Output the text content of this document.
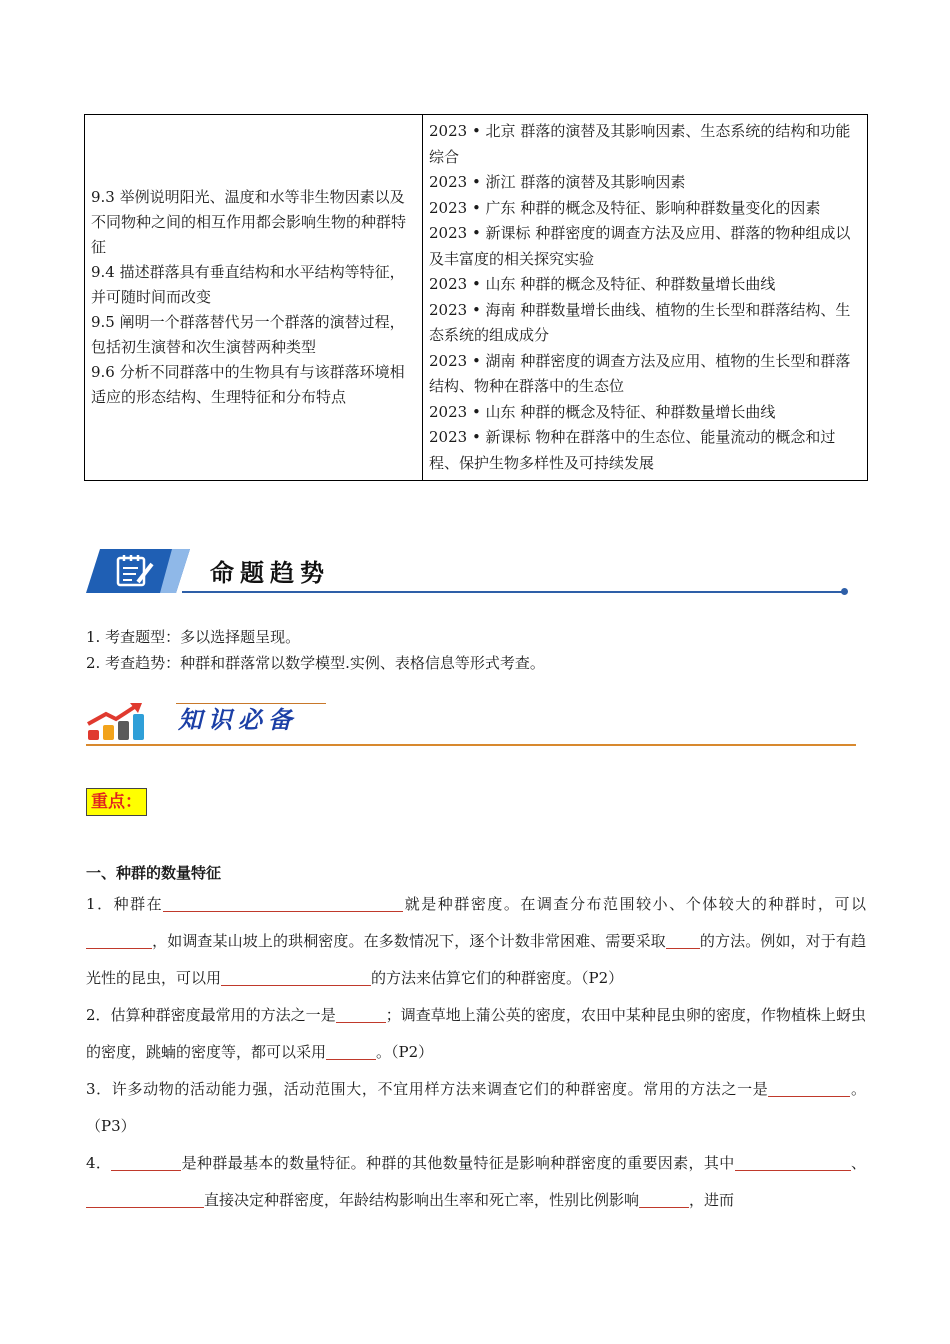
9.3 举例说明阳光、温度和水等非生物因素以及不同物种之间的相互作用都会影响生物的种群特征
9.4 描述群落具有垂直结构和水平结构等特征，并可随时间而改变
9.5 阐明一个群落替代另一个群落的演替过程，包括初生演替和次生演替两种类型
9.6 分析不同群落中的生物具有与该群落环境相适应的形态结构、生理特征和分布特点

2023 • 北京 群落的演替及其影响因素、生态系统的结构和功能综合
2023 • 浙江 群落的演替及其影响因素
2023 • 广东 种群的概念及特征、影响种群数量变化的因素
2023 • 新课标 种群密度的调查方法及应用、群落的物种组成以及丰富度的相关探究实验
2023 • 山东 种群的概念及特征、种群数量增长曲线
2023 • 海南 种群数量增长曲线、植物的生长型和群落结构、生态系统的组成成分
2023 • 湖南 种群密度的调查方法及应用、植物的生长型和群落结构、物种在群落中的生态位
2023 • 山东 种群的概念及特征、种群数量增长曲线
2023 • 新课标 物种在群落中的生态位、能量流动的概念和过程、保护生物多样性及可持续发展
命题趋势
1. 考查题型：多以选择题呈现。
2. 考查趋势：种群和群落常以数学模型.实例、表格信息等形式考查。
知识必备
重点：
一、种群的数量特征

1．种群在	就是种群密度。在调查分布范围较小、个体较大的种群时，可以，如调查某山坡上的珙桐密度。在多数情况下，逐个计数非常困难、需要采取 的方法。例如，对于有趋光性的昆虫，可以用	的方法来估算它们的种群密度。（P2）

2．估算种群密度最常用的方法之一是	；调查草地上蒲公英的密度，农田中某种昆虫卵的密度，作物植株上蚜虫的密度，跳蝻的密度等，都可以采用	。（P2）

3．许多动物的活动能力强，活动范围大，不宜用样方法来调查它们的种群密度。常用的方法之一是	。（P3）

4．	是种群最基本的数量特征。种群的其他数量特征是影响种群密度的重要因素，其中	、直接决定种群密度，年龄结构影响出生率和死亡率，性别比例影响	，进而
